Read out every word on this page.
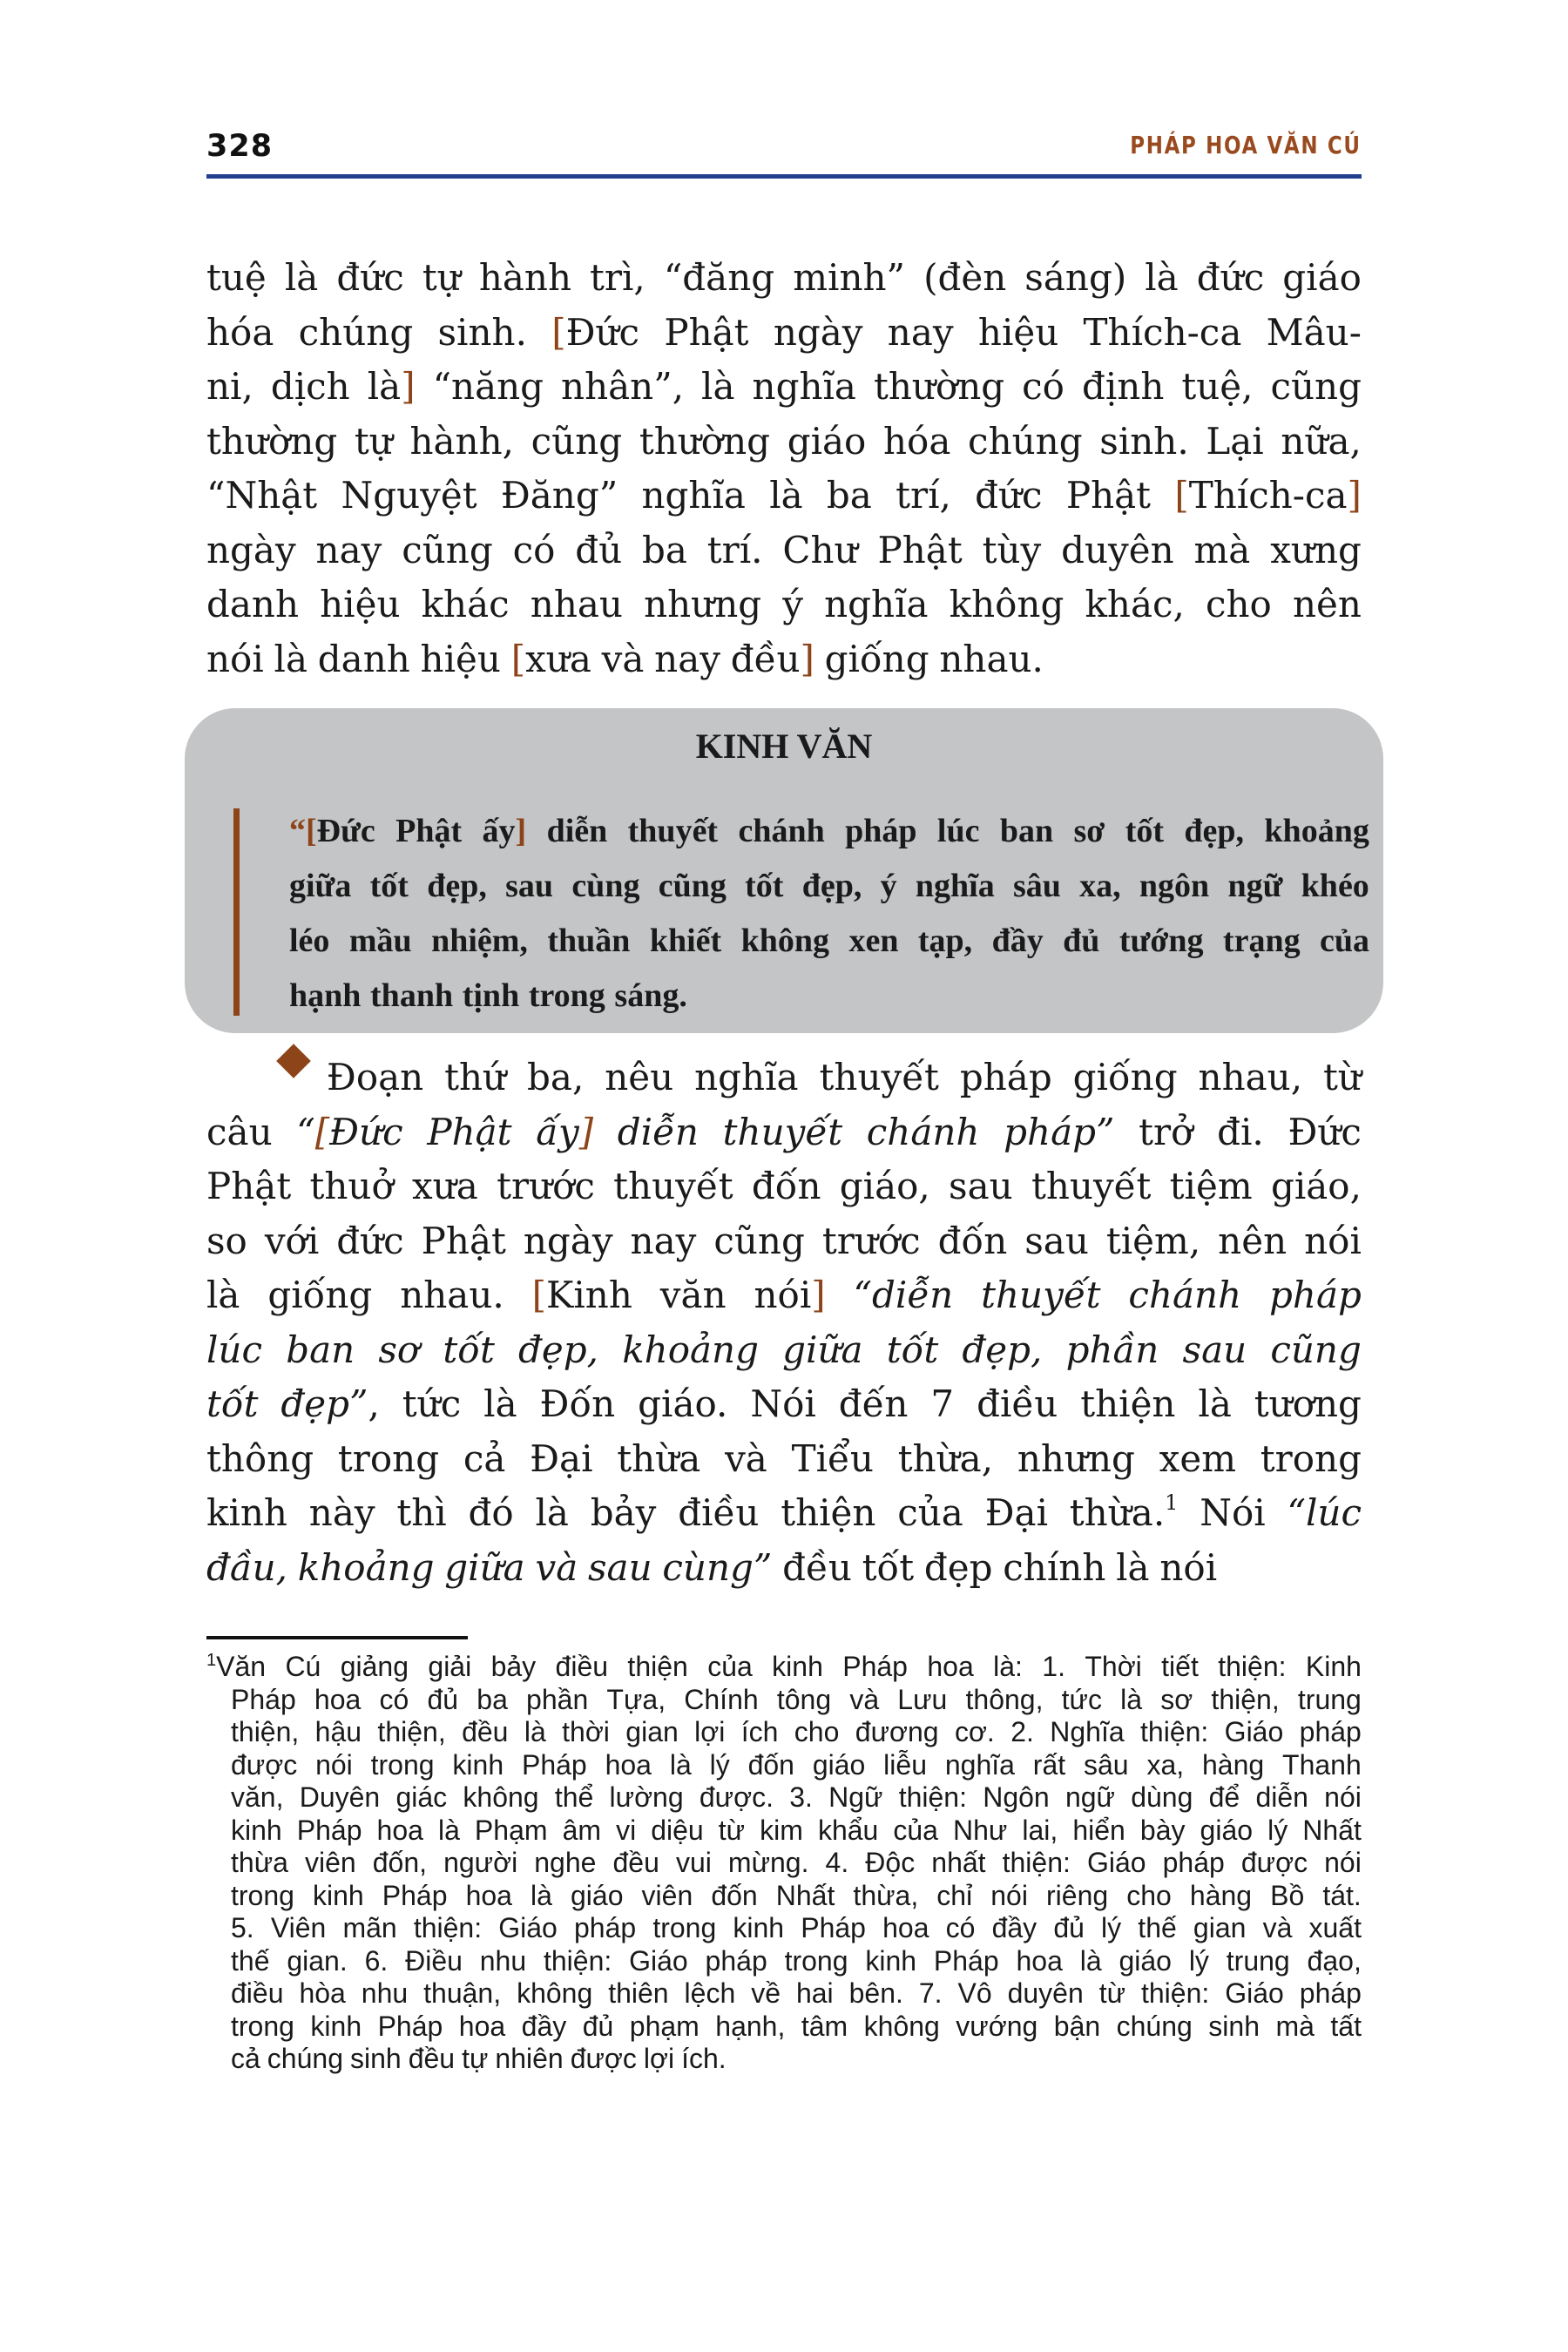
328	PHÁP HOA VĂN CÚ
tuệ là đức tự hành trì, “đăng minh” (đèn sáng) là đức giáo
hóa chúng sinh. [Đức Phật ngày nay hiệu Thích-ca Mâu-
ni, dịch là] “năng nhân”, là nghĩa thường có định tuệ, cũng
thường tự hành, cũng thường giáo hóa chúng sinh. Lại nữa,
“Nhật Nguyệt Đăng” nghĩa là ba trí, đức Phật [Thích-ca]
ngày nay cũng có đủ ba trí. Chư Phật tùy duyên mà xưng
danh hiệu khác nhau nhưng ý nghĩa không khác, cho nên
nói là danh hiệu [xưa và nay đều] giống nhau.
KINH VĂN
“[Đức Phật ấy] diễn thuyết chánh pháp lúc ban sơ tốt đẹp, khoảng
giữa tốt đẹp, sau cùng cũng tốt đẹp, ý nghĩa sâu xa, ngôn ngữ khéo
léo mầu nhiệm, thuần khiết không xen tạp, đầy đủ tướng trạng của
hạnh thanh tịnh trong sáng.
Đoạn thứ ba, nêu nghĩa thuyết pháp giống nhau, từ
câu “[Đức Phật ấy] diễn thuyết chánh pháp” trở đi. Đức
Phật thuở xưa trước thuyết đốn giáo, sau thuyết tiệm giáo,
so với đức Phật ngày nay cũng trước đốn sau tiệm, nên nói
là giống nhau. [Kinh văn nói] “diễn thuyết chánh pháp
lúc ban sơ tốt đẹp, khoảng giữa tốt đẹp, phần sau cũng
tốt đẹp”, tức là Đốn giáo. Nói đến 7 điều thiện là tương
thông trong cả Đại thừa và Tiểu thừa, nhưng xem trong
kinh này thì đó là bảy điều thiện của Đại thừa.$^1$ Nói “lúc
đầu, khoảng giữa và sau cùng” đều tốt đẹp chính là nói
$^1$Văn Cú giảng giải bảy điều thiện của kinh Pháp hoa là: 1. Thời tiết thiện: Kinh
Pháp hoa có đủ ba phần Tựa, Chính tông và Lưu thông, tức là sơ thiện, trung
thiện, hậu thiện, đều là thời gian lợi ích cho đương cơ. 2. Nghĩa thiện: Giáo pháp
được nói trong kinh Pháp hoa là lý đốn giáo liễu nghĩa rất sâu xa, hàng Thanh
văn, Duyên giác không thể lường được. 3. Ngữ thiện: Ngôn ngữ dùng để diễn nói
kinh Pháp hoa là Phạm âm vi diệu từ kim khẩu của Như lai, hiển bày giáo lý Nhất
thừa viên đốn, người nghe đều vui mừng. 4. Độc nhất thiện: Giáo pháp được nói
trong kinh Pháp hoa là giáo viên đốn Nhất thừa, chỉ nói riêng cho hàng Bồ tát.
5. Viên mãn thiện: Giáo pháp trong kinh Pháp hoa có đầy đủ lý thế gian và xuất
thế gian. 6. Điều nhu thiện: Giáo pháp trong kinh Pháp hoa là giáo lý trung đạo,
điều hòa nhu thuận, không thiên lệch về hai bên. 7. Vô duyên từ thiện: Giáo pháp
trong kinh Pháp hoa đầy đủ phạm hạnh, tâm không vướng bận chúng sinh mà tất
cả chúng sinh đều tự nhiên được lợi ích.
